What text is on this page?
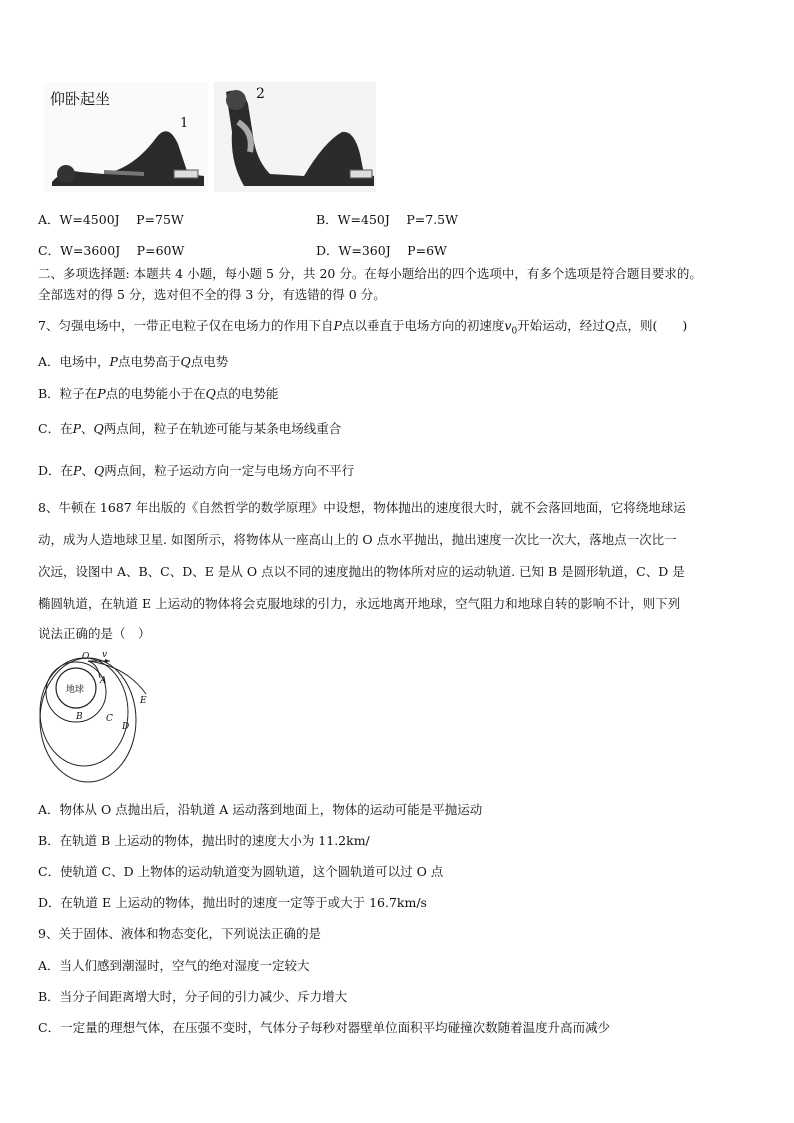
仰卧起坐
1
2
A．W=4500J　 P=75W	B．W=450J　 P=7.5W
C．W=3600J　 P=60W	D．W=360J　 P=6W
二、多项选择题: 本题共 4 小题，每小题 5 分，共 20 分。在每小题给出的四个选项中，有多个选项是符合题目要求的。
全部选对的得 5 分，选对但不全的得 3 分，有选错的得 0 分。
7、匀强电场中，一带正电粒子仅在电场力的作用下自P点以垂直于电场方向的初速度$v_0$开始运动，经过Q点，则(　　)
A．电场中，P点电势高于Q点电势
B．粒子在P点的电势能小于在Q点的电势能
C．在P、Q两点间，粒子在轨迹可能与某条电场线重合
D．在P、Q两点间，粒子运动方向一定与电场方向不平行
8、牛顿在 1687 年出版的《自然哲学的数学原理》中设想，物体抛出的速度很大时，就不会落回地面，它将绕地球运
动，成为人造地球卫星. 如图所示，将物体从一座高山上的 O 点水平抛出，抛出速度一次比一次大，落地点一次比一
次远，设图中 A、B、C、D、E 是从 O 点以不同的速度抛出的物体所对应的运动轨道. 已知 B 是圆形轨道，C、D 是
椭圆轨道，在轨道 E 上运动的物体将会克服地球的引力，永远地离开地球，空气阻力和地球自转的影响不计，则下列
说法正确的是（　）
地球
O v
A
B	C
D
E
A．物体从 O 点抛出后，沿轨道 A 运动落到地面上，物体的运动可能是平抛运动
B．在轨道 B 上运动的物体，抛出时的速度大小为 11.2km/
C．使轨道 C、D 上物体的运动轨道变为圆轨道，这个圆轨道可以过 O 点
D．在轨道 E 上运动的物体，抛出时的速度一定等于或大于 16.7km/s
9、关于固体、液体和物态变化，下列说法正确的是
A．当人们感到潮湿时，空气的绝对湿度一定较大
B．当分子间距离增大时，分子间的引力减少、斥力增大
C．一定量的理想气体，在压强不变时，气体分子每秒对器壁单位面积平均碰撞次数随着温度升高而减少
